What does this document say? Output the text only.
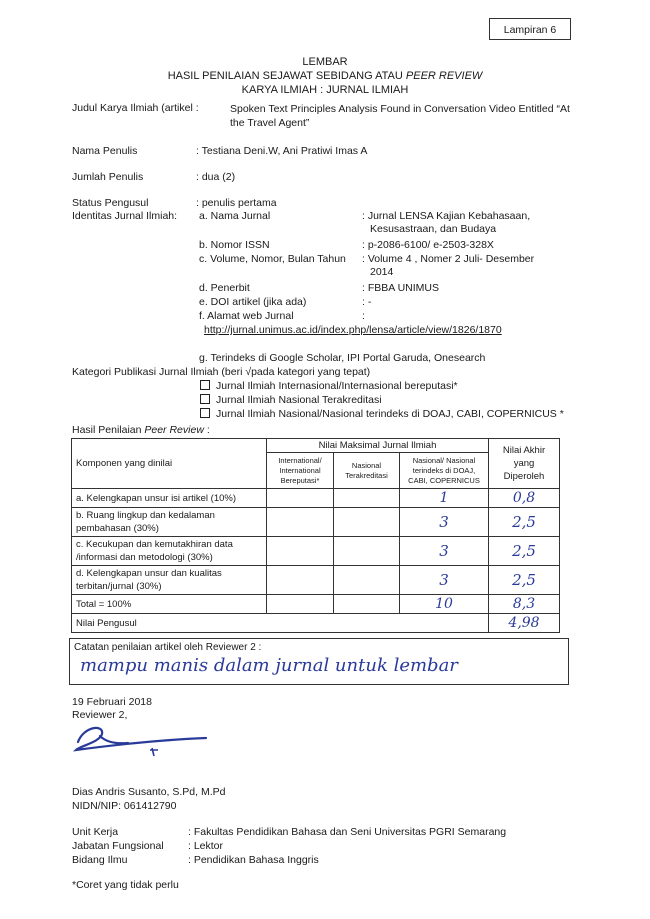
Lampiran 6
LEMBAR
HASIL PENILAIAN SEJAWAT SEBIDANG ATAU PEER REVIEW
KARYA ILMIAH : JURNAL ILMIAH
Judul Karya Ilmiah (artikel :	Spoken Text Principles Analysis Found in Conversation Video Entitled “At the Travel Agent”
Nama Penulis	: Testiana Deni.W, Ani Pratiwi Imas A
Jumlah Penulis	: dua (2)
Status Pengusul	: penulis pertama
Identitas Jurnal Ilmiah: a. Nama Jurnal	: Jurnal LENSA Kajian Kebahasaan,
Kesusastraan, dan Budaya
b. Nomor ISSN	: p-2086-6100/ e-2503-328X
c. Volume, Nomor, Bulan Tahun : Volume 4 , Nomer 2 Juli- Desember
2014
d. Penerbit	: FBBA UNIMUS
e. DOI artikel (jika ada)	: -
f. Alamat web Jurnal	:
http://jurnal.unimus.ac.id/index.php/lensa/article/view/1826/1870
g. Terindeks di Google Scholar, IPI Portal Garuda, Onesearch
Kategori Publikasi Jurnal Ilmiah (beri √pada kategori yang tepat)
Jurnal Ilmiah Internasional/Internasional bereputasi*
Jurnal Ilmiah Nasional Terakreditasi
Jurnal Ilmiah Nasional/Nasional terindeks di DOAJ, CABI, COPERNICUS *
Hasil Penilaian Peer Review :
Komponen yang dinilai	Nilai Maksimal Jurnal Ilmiah			Nilai Akhir yang Diperoleh
	International/ International Bereputasi*	Nasional Terakreditasi	Nasional/ Nasional terindeks di DOAJ, CABI, COPERNICUS	
a. Kelengkapan unsur isi artikel (10%)			1	0,8
b. Ruang lingkup dan kedalaman pembahasan (30%)			3	2,5
c. Kecukupan dan kemutakhiran data /informasi dan metodologi (30%)			3	2,5
d. Kelengkapan unsur dan kualitas terbitan/jurnal (30%)			3	2,5
Total = 100%			10	8,3
Nilai Pengusul				4,98
Catatan penilaian artikel oleh Reviewer 2 :
mampu manis dalam jurnal untuk lembar
19 Februari 2018
Reviewer 2,
Dias Andris Susanto, S.Pd, M.Pd
NIDN/NIP: 061412790
Unit Kerja	: Fakultas Pendidikan Bahasa dan Seni Universitas PGRI Semarang
Jabatan Fungsional : Lektor
Bidang Ilmu	: Pendidikan Bahasa Inggris
*Coret yang tidak perlu
